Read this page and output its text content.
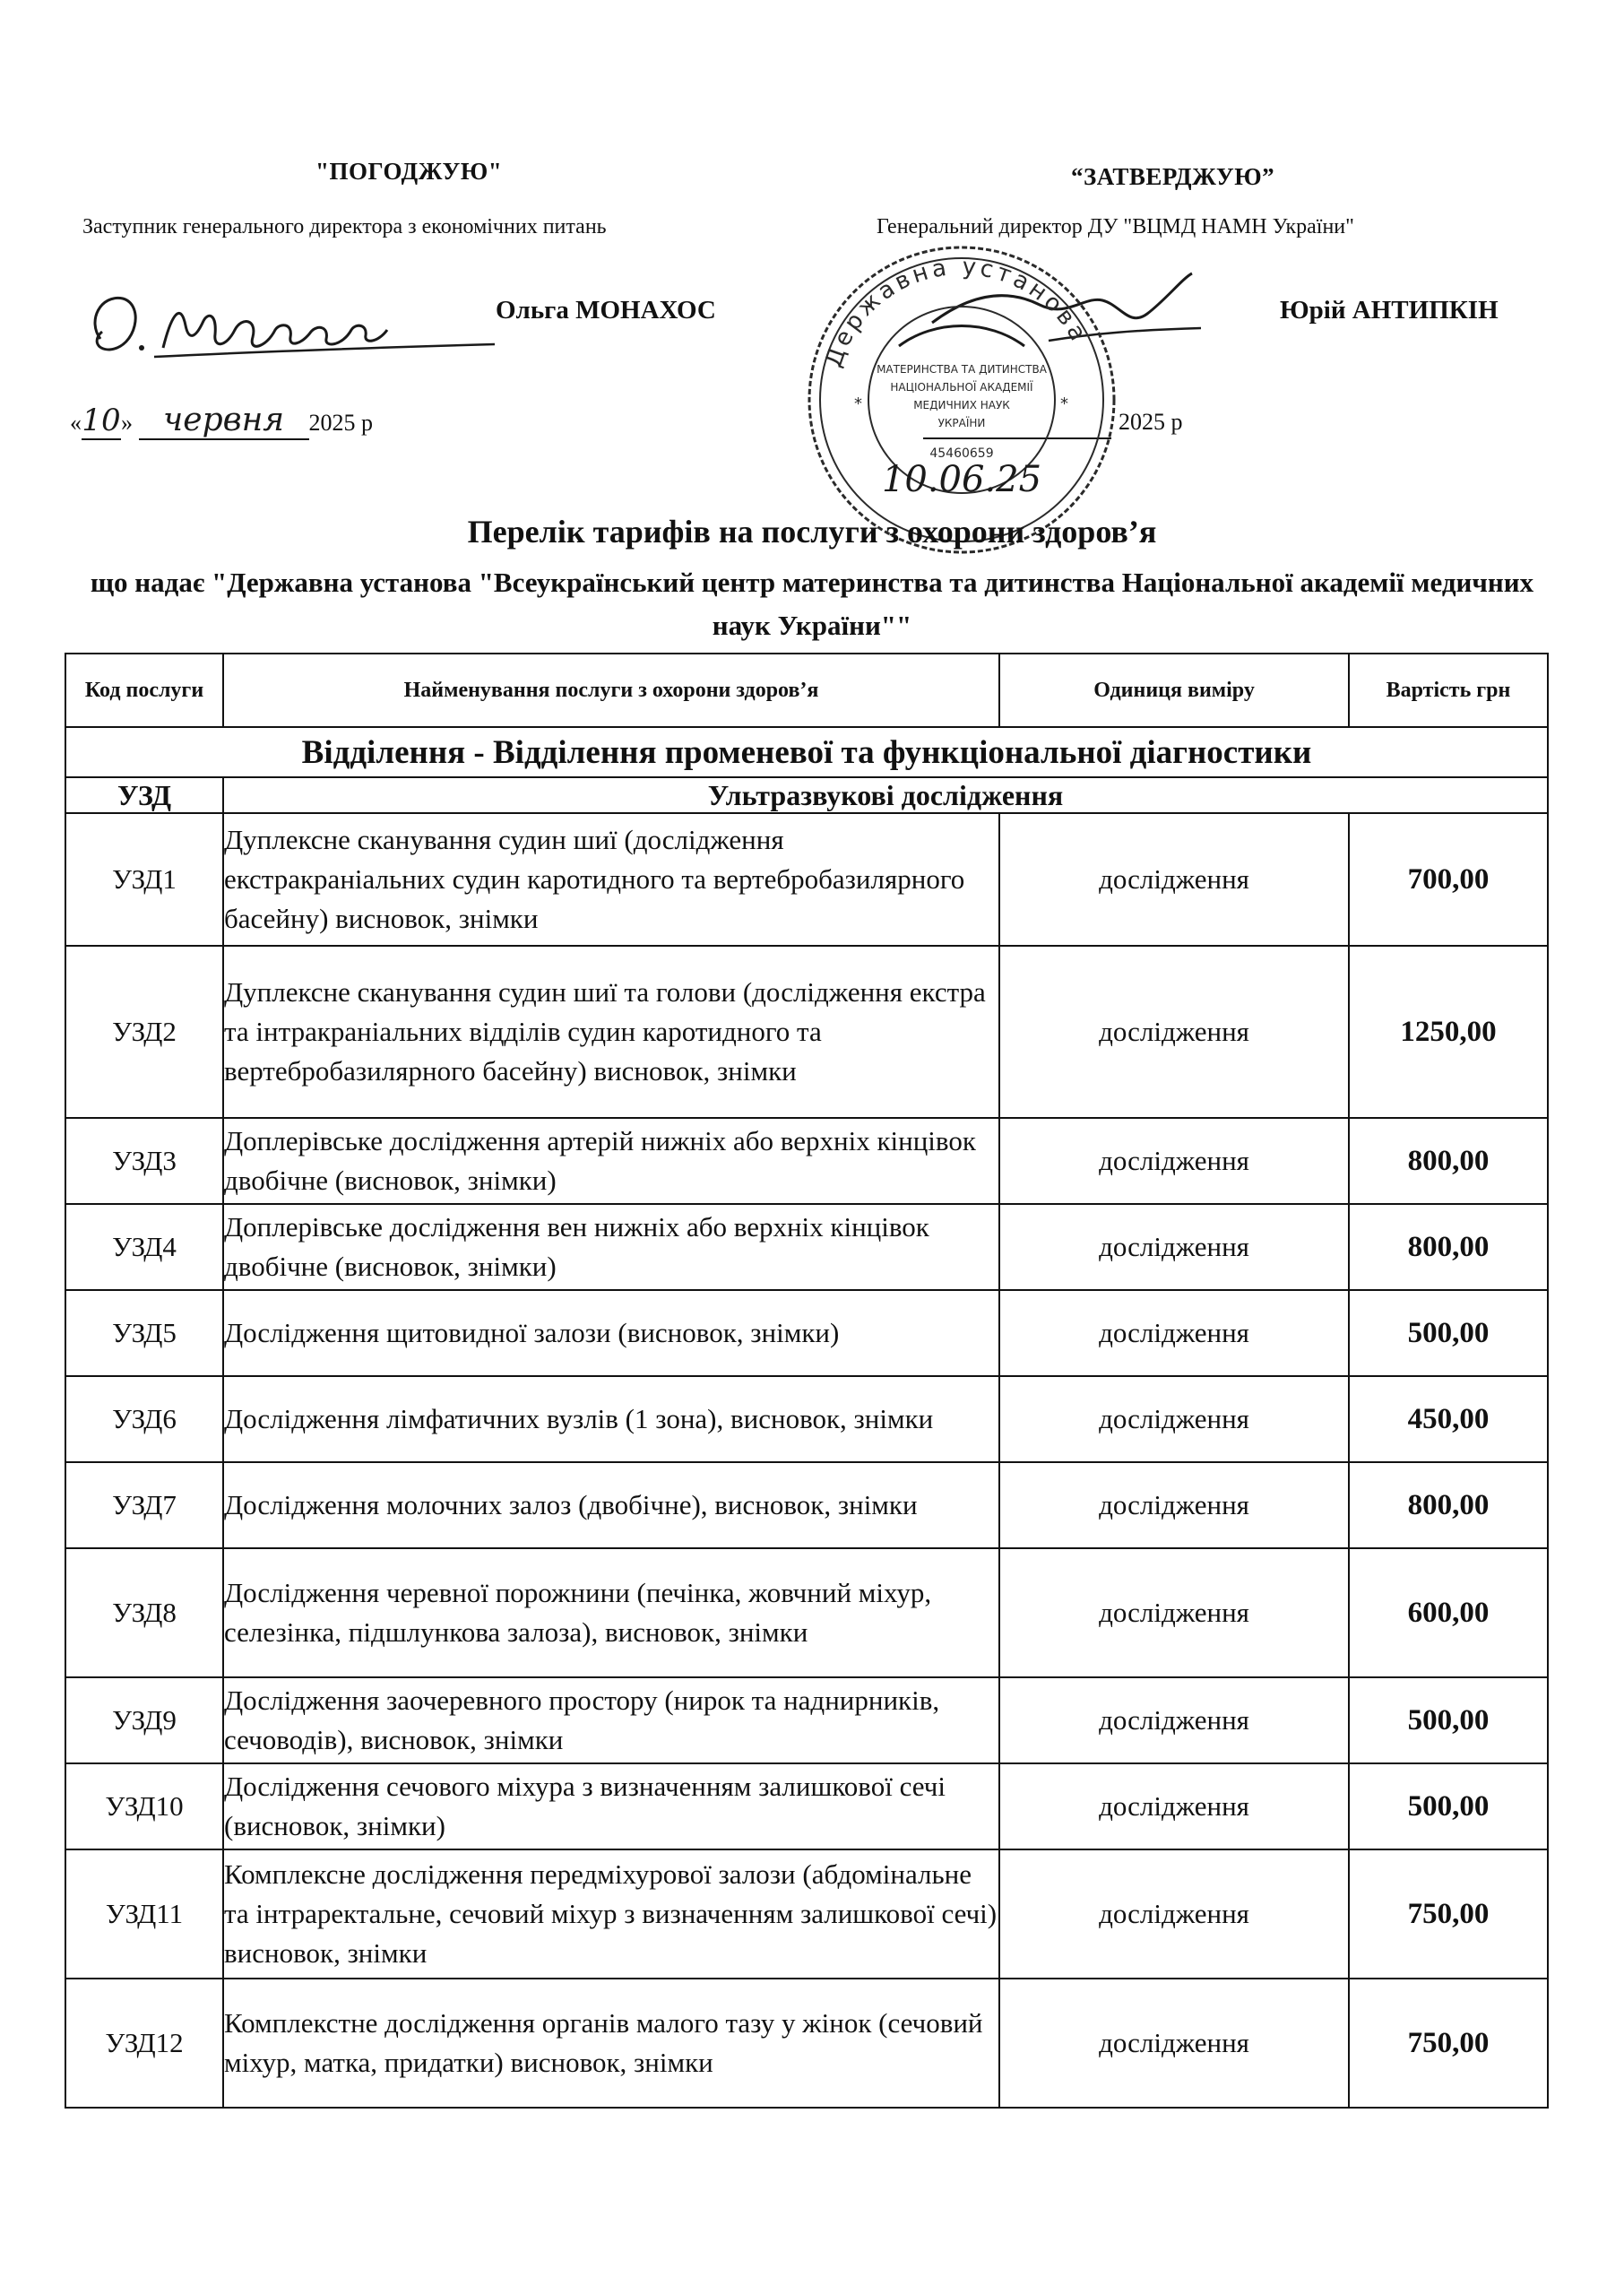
"ПОГОДЖУЮ"
Заступник генерального директора з економічних питань
Ольга МОНАХОС
«10» червня 2025 р
“ЗАТВЕРДЖУЮ”
Генеральний директор ДУ "ВЦМД НАМН України"
Юрій АНТИПКІН
2025 р
Державна установа
МАТЕРИНСТВА ТА ДИТИНСТВА
НАЦІОНАЛЬНОЇ АКАДЕМІЇ
МЕДИЧНИХ НАУК
УКРАЇНИ
45460659
*	*
10.06.25
Перелік тарифів на послуги з охорони здоров’я
що надає "Державна установа "Всеукраїнський центр материнства та дитинства Національної академії медичних наук України""
Код послуги	Найменування послуги з охорони здоров’я	Одиниця виміру	Вартість грн
Відділення - Відділення променевої та функціональної діагностики			
УЗД	Ультразвукові дослідження		
УЗД1	Дуплексне сканування судин шиї (дослідження екстракраніальних судин каротидного та вертебробазилярного басейну) висновок, знімки	дослідження	700,00
УЗД2	Дуплексне сканування судин шиї та голови (дослідження екстра та інтракраніальних відділів судин каротидного та вертебробазилярного басейну) висновок, знімки	дослідження	1250,00
УЗД3	Доплерівське дослідження артерій нижніх або верхніх кінцівок двобічне (висновок, знімки)	дослідження	800,00
УЗД4	Доплерівське дослідження вен нижніх або верхніх кінцівок двобічне (висновок, знімки)	дослідження	800,00
УЗД5	Дослідження щитовидної залози (висновок, знімки)	дослідження	500,00
УЗД6	Дослідження лімфатичних вузлів (1 зона), висновок, знімки	дослідження	450,00
УЗД7	Дослідження молочних залоз (двобічне), висновок, знімки	дослідження	800,00
УЗД8	Дослідження черевної порожнини (печінка, жовчний міхур, селезінка, підшлункова залоза), висновок, знімки	дослідження	600,00
УЗД9	Дослідження заочеревного простору (нирок та наднирників, сечоводів), висновок, знімки	дослідження	500,00
УЗД10	Дослідження сечового міхура з визначенням залишкової сечі (висновок, знімки)	дослідження	500,00
УЗД11	Комплексне дослідження передміхурової залози (абдомінальне та інтраректальне, сечовий міхур з визначенням залишкової сечі) висновок, знімки	дослідження	750,00
УЗД12	Комплекстне дослідження органів малого тазу у жінок (сечовий міхур, матка, придатки) висновок, знімки	дослідження	750,00
